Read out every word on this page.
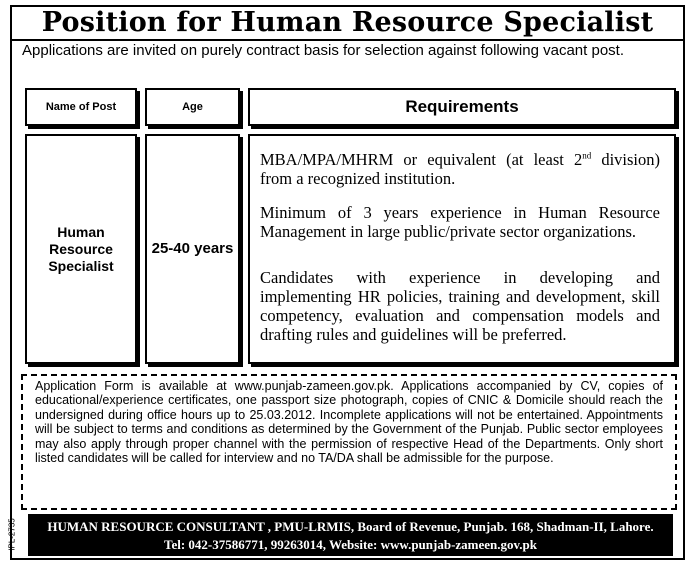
Position for Human Resource Specialist
Applications are invited on purely contract basis for selection against following vacant post.
Name of Post	Age	Requirements
Human Resource Specialist
25-40 years
MBA/MPA/MHRM or equivalent (at least 2nd division) from a recognized institution.
Minimum of 3 years experience in Human Resource Management in large public/private sector organizations.
Candidates with experience in developing and implementing HR policies, training and development, skill competency, evaluation and compensation models and drafting rules and guidelines will be preferred.
Application Form is available at www.punjab-zameen.gov.pk. Applications accompanied by CV, copies of educational/experience certificates, one passport size photograph, copies of CNIC & Domicile should reach the undersigned during office hours up to 25.03.2012. Incomplete applications will not be entertained. Appointments will be subject to terms and conditions as determined by the Government of the Punjab. Public sector employees may also apply through proper channel with the permission of respective Head of the Departments. Only short listed candidates will be called for interview and no TA/DA shall be admissible for the purpose.
HUMAN RESOURCE CONSULTANT , PMU-LRMIS, Board of Revenue, Punjab. 168, Shadman-II, Lahore.
Tel: 042-37586771, 99263014, Website: www.punjab-zameen.gov.pk
IPL-2735
